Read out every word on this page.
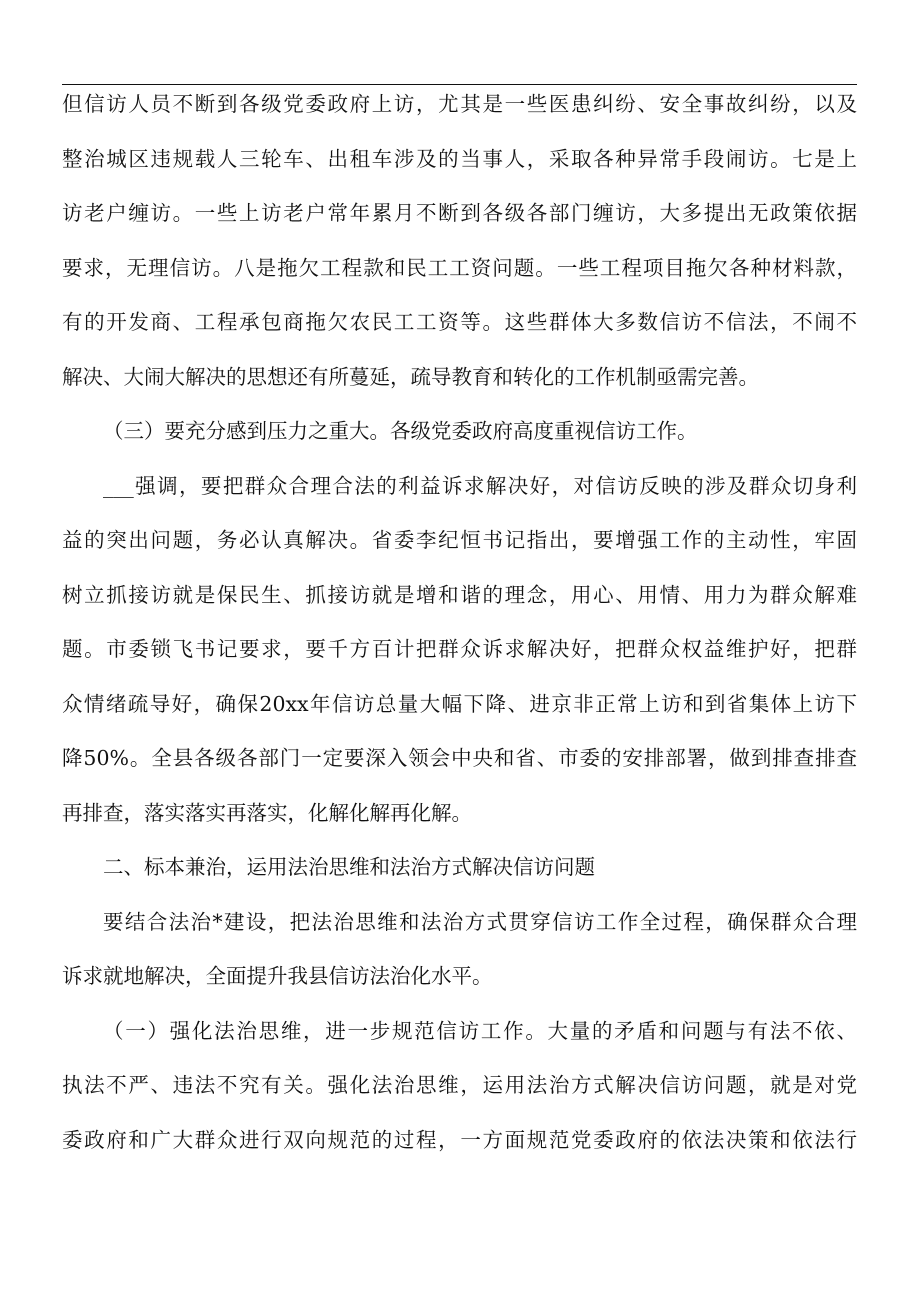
但信访人员不断到各级党委政府上访，尤其是一些医患纠纷、安全事故纠纷，以及
整治城区违规载人三轮车、出租车涉及的当事人，采取各种异常手段闹访。七是上
访老户缠访。一些上访老户常年累月不断到各级各部门缠访，大多提出无政策依据
要求，无理信访。八是拖欠工程款和民工工资问题。一些工程项目拖欠各种材料款，
有的开发商、工程承包商拖欠农民工工资等。这些群体大多数信访不信法，不闹不
解决、大闹大解决的思想还有所蔓延，疏导教育和转化的工作机制亟需完善。
（三）要充分感到压力之重大。各级党委政府高度重视信访工作。
___强调，要把群众合理合法的利益诉求解决好，对信访反映的涉及群众切身利
益的突出问题，务必认真解决。省委李纪恒书记指出，要增强工作的主动性，牢固
树立抓接访就是保民生、抓接访就是增和谐的理念，用心、用情、用力为群众解难
题。市委锁飞书记要求，要千方百计把群众诉求解决好，把群众权益维护好，把群
众情绪疏导好，确保20xx年信访总量大幅下降、进京非正常上访和到省集体上访下
降50%。全县各级各部门一定要深入领会中央和省、市委的安排部署，做到排查排查
再排查，落实落实再落实，化解化解再化解。
二、标本兼治，运用法治思维和法治方式解决信访问题
要结合法治*建设，把法治思维和法治方式贯穿信访工作全过程，确保群众合理
诉求就地解决，全面提升我县信访法治化水平。
（一）强化法治思维，进一步规范信访工作。大量的矛盾和问题与有法不依、
执法不严、违法不究有关。强化法治思维，运用法治方式解决信访问题，就是对党
委政府和广大群众进行双向规范的过程，一方面规范党委政府的依法决策和依法行
